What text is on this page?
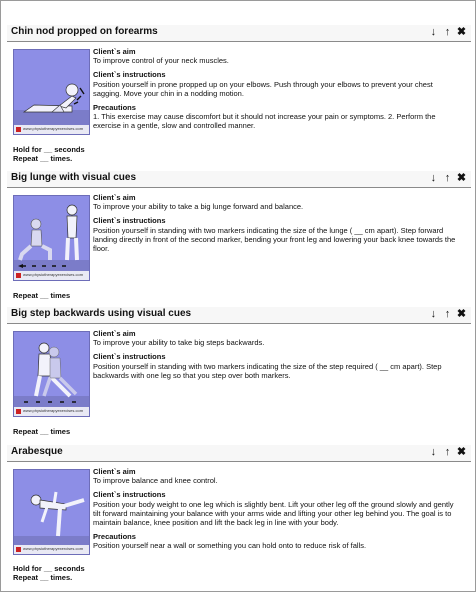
Chin nod propped on forearms	↓ ↑ ✖
www.physiotherapyexercises.com
Hold for __ seconds
Repeat __ times.
Client`s aim
To improve control of your neck muscles.
Client`s instructions
Position yourself in prone propped up on your elbows. Push through your elbows to prevent your chest sagging. Move your chin in a nodding motion.
Precautions
1. This exercise may cause discomfort but it should not increase your pain or symptoms. 2. Perform the exercise in a gentle, slow and controlled manner.
Big lunge with visual cues	↓ ↑ ✖
www.physiotherapyexercises.com
Repeat __ times
Client`s aim
To improve your ability to take a big lunge forward and balance.
Client`s instructions
Position yourself in standing with two markers indicating the size of the lunge ( __ cm apart). Step forward landing directly in front of the second marker, bending your front leg and lowering your back knee towards the floor.
Big step backwards using visual cues	↓ ↑ ✖
www.physiotherapyexercises.com
Repeat __ times
Client`s aim
To improve your ability to take big steps backwards.
Client`s instructions
Position yourself in standing with two markers indicating the size of the step required ( __ cm apart). Step backwards with one leg so that you step over both markers.
Arabesque	↓ ↑ ✖
www.physiotherapyexercises.com
Hold for __ seconds
Repeat __ times.
Client`s aim
To improve balance and knee control.
Client`s instructions
Position your body weight to one leg which is slightly bent. Lift your other leg off the ground slowly and gently tilt forward maintaining your balance with your arms wide and lifting your other leg behind you. The goal is to maintain balance, knee position and lift the back leg in line with your body.
Precautions
Position yourself near a wall or something you can hold onto to reduce risk of falls.
